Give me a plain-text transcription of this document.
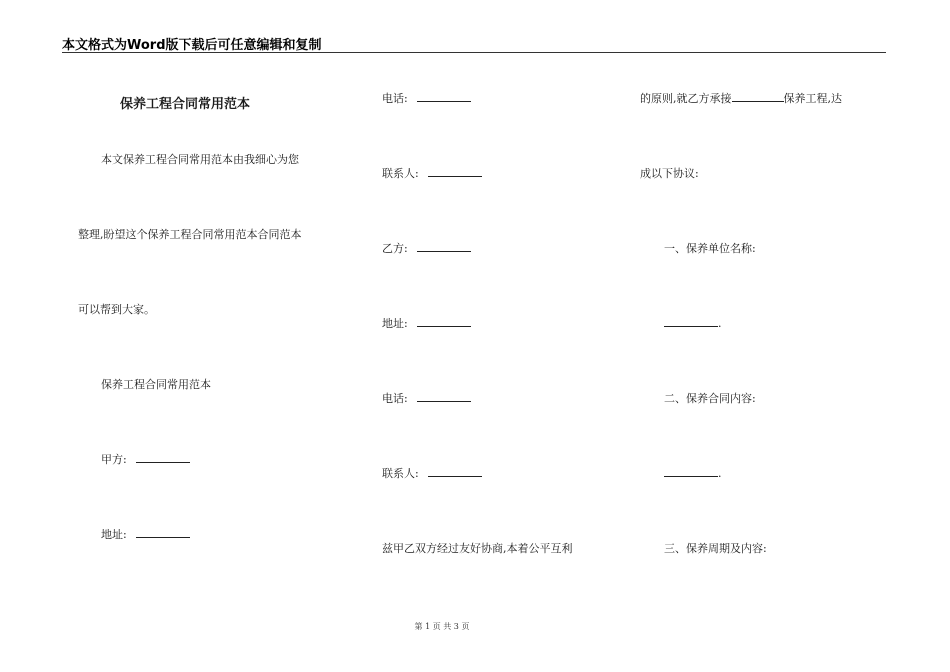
本文格式为Word版下载后可任意编辑和复制
保养工程合同常用范本
本文保养工程合同常用范本由我细心为您
整理,盼望这个保养工程合同常用范本合同范本
可以帮到大家。
保养工程合同常用范本
甲方:
地址:
电话:
联系人:
乙方:
地址:
电话:
联系人:
兹甲乙双方经过友好协商,本着公平互利
的原则,就乙方承接	保养工程,达
成以下协议:
一、保养单位名称:
.
二、保养合同内容:
.
三、保养周期及内容:
第 1 页 共 3 页
